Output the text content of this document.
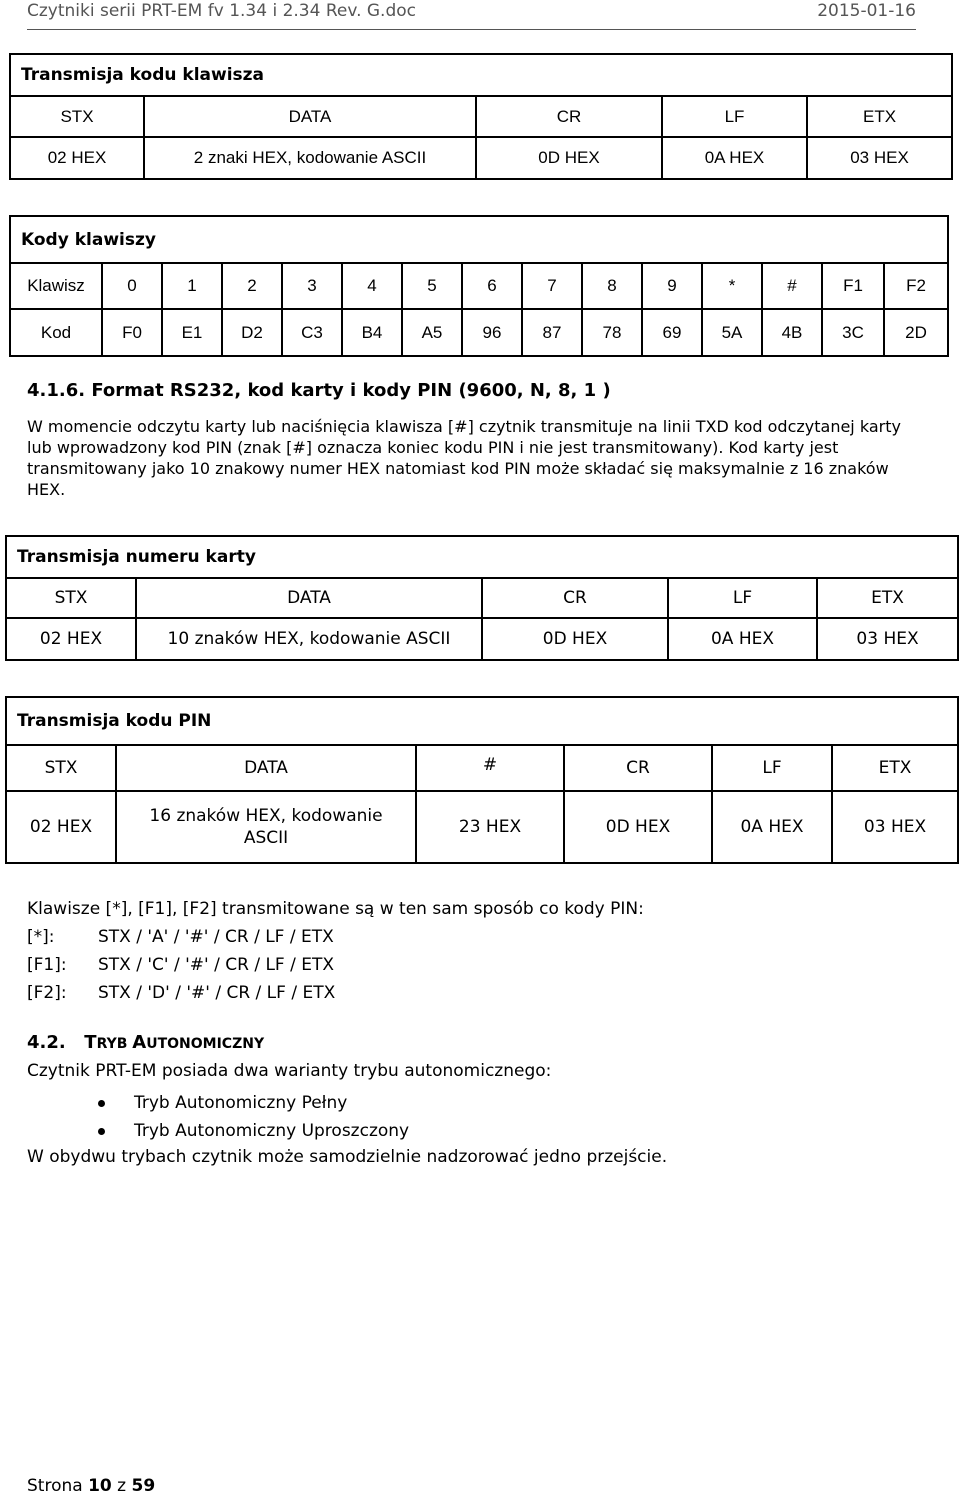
Czytniki serii PRT-EM fv 1.34 i 2.34 Rev. G.doc	2015-01-16
Transmisja kodu klawisza				
STX	DATA	CR	LF	ETX
02 HEX	2 znaki HEX, kodowanie ASCII	0D HEX	0A HEX	03 HEX
Kody klawiszy														
Klawisz	0	1	2	3	4	5	6	7	8	9	*	#	F1	F2
Kod	F0	E1	D2	C3	B4	A5	96	87	78	69	5A	4B	3C	2D
4.1.6. Format RS232, kod karty i kody PIN (9600, N, 8, 1 )
W momencie odczytu karty lub naciśnięcia klawisza [#] czytnik transmituje na linii TXD kod odczytanej karty lub wprowadzony kod PIN (znak [#] oznacza koniec kodu PIN i nie jest transmitowany). Kod karty jest transmitowany jako 10 znakowy numer HEX natomiast kod PIN może składać się maksymalnie z 16 znaków HEX.
Transmisja numeru karty				
STX	DATA	CR	LF	ETX
02 HEX	10 znaków HEX, kodowanie ASCII	0D HEX	0A HEX	03 HEX
Transmisja kodu PIN					
STX	DATA	#	CR	LF	ETX
02 HEX	16 znaków HEX, kodowanie ASCII	23 HEX	0D HEX	0A HEX	03 HEX
Klawisze [*], [F1], [F2] transmitowane są w ten sam sposób co kody PIN:
[*]:	STX / 'A' / '#' / CR / LF / ETX
[F1]: STX / 'C' / '#' / CR / LF / ETX
[F2]: STX / 'D' / '#' / CR / LF / ETX
4.2. TRYB AUTONOMICZNY
Czytnik PRT-EM posiada dwa warianty trybu autonomicznego:
Tryb Autonomiczny Pełny
Tryb Autonomiczny Uproszczony
W obydwu trybach czytnik może samodzielnie nadzorować jedno przejście.
Strona 10 z 59
